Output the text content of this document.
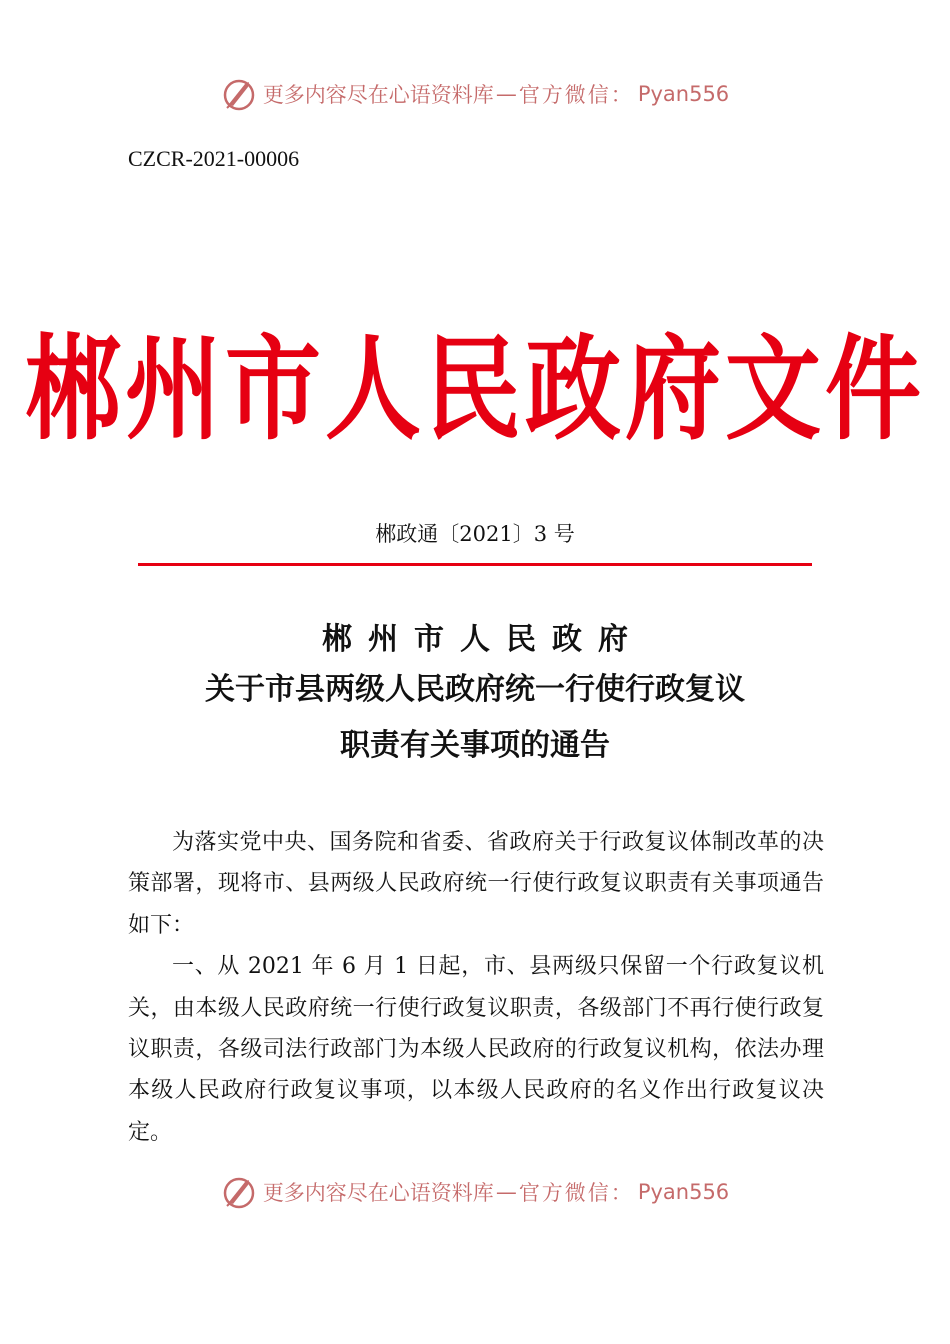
更多内容尽在心语资料库 — 官方微信： Pyan556
CZCR-2021-00006
郴州市人民政府文件
郴政通〔2021〕3 号
郴州市人民政府
关于市县两级人民政府统一行使行政复议
职责有关事项的通告

为落实党中央、国务院和省委、省政府关于行政复议体制改革的决策部署，现将市、县两级人民政府统一行使行政复议职责有关事项通告如下：

一、从 2021 年 6 月 1 日起，市、县两级只保留一个行政复议机关，由本级人民政府统一行使行政复议职责，各级部门不再行使行政复议职责，各级司法行政部门为本级人民政府的行政复议机构，依法办理本级人民政府行政复议事项，以本级人民政府的名义作出行政复议决定。

更多内容尽在心语资料库 — 官方微信： Pyan556
